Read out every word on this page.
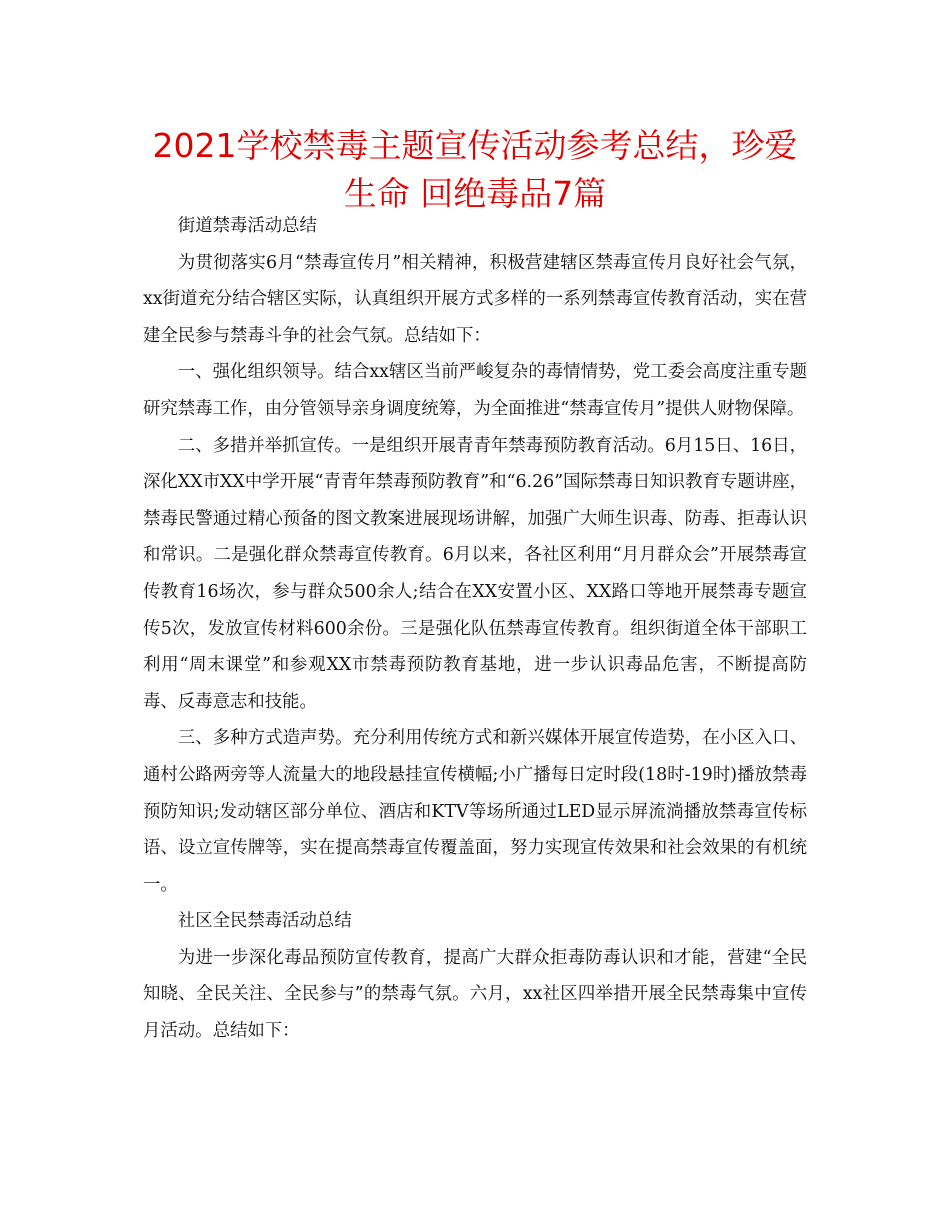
2021学校禁毒主题宣传活动参考总结，珍爱生命 回绝毒品7篇

街道禁毒活动总结

为贯彻落实6月“禁毒宣传月”相关精神，积极营建辖区禁毒宣传月良好社会气氛，xx街道充分结合辖区实际，认真组织开展方式多样的一系列禁毒宣传教育活动，实在营建全民参与禁毒斗争的社会气氛。总结如下：

一、强化组织领导。结合xx辖区当前严峻复杂的毒情情势，党工委会高度注重专题研究禁毒工作，由分管领导亲身调度统筹，为全面推进“禁毒宣传月”提供人财物保障。

二、多措并举抓宣传。一是组织开展青青年禁毒预防教育活动。6月15日、16日，深化XX市XX中学开展“青青年禁毒预防教育”和“6.26”国际禁毒日知识教育专题讲座，禁毒民警通过精心预备的图文教案进展现场讲解，加强广大师生识毒、防毒、拒毒认识和常识。二是强化群众禁毒宣传教育。6月以来，各社区利用“月月群众会”开展禁毒宣传教育16场次，参与群众500余人;结合在XX安置小区、XX路口等地开展禁毒专题宣传5次，发放宣传材料600余份。三是强化队伍禁毒宣传教育。组织街道全体干部职工利用“周末课堂”和参观XX市禁毒预防教育基地，进一步认识毒品危害，不断提高防毒、反毒意志和技能。

三、多种方式造声势。充分利用传统方式和新兴媒体开展宣传造势，在小区入口、通村公路两旁等人流量大的地段悬挂宣传横幅;小广播每日定时段(18时-19时)播放禁毒预防知识;发动辖区部分单位、酒店和KTV等场所通过LED显示屏流淌播放禁毒宣传标语、设立宣传牌等，实在提高禁毒宣传覆盖面，努力实现宣传效果和社会效果的有机统一。

社区全民禁毒活动总结

为进一步深化毒品预防宣传教育，提高广大群众拒毒防毒认识和才能，营建“全民知晓、全民关注、全民参与”的禁毒气氛。六月，xx社区四举措开展全民禁毒集中宣传月活动。总结如下：
